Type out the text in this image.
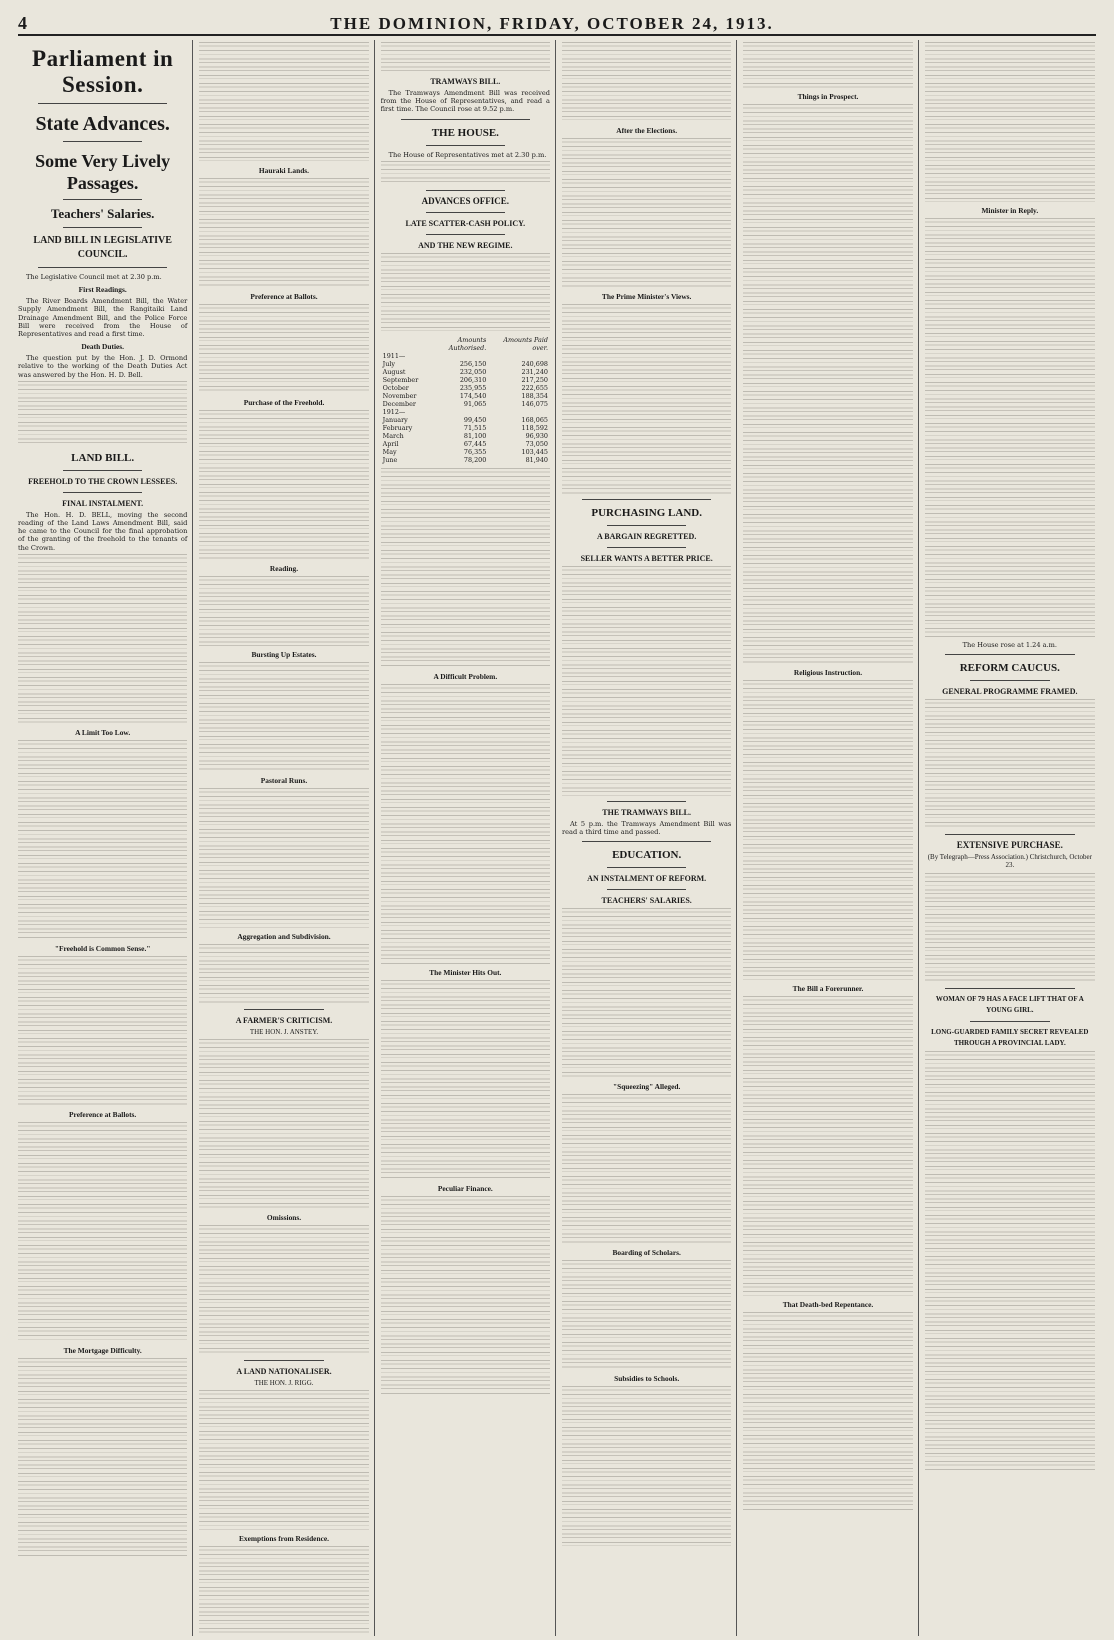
4	THE DOMINION, FRIDAY, OCTOBER 24, 1913.
Parliament in Session.
State Advances.
Some Very Lively Passages.
Teachers' Salaries.
LAND BILL IN LEGISLATIVE COUNCIL.

The Legislative Council met at 2.30 p.m.

First Readings.

The River Boards Amendment Bill, the Water Supply Amendment Bill, the Rangitaiki Land Drainage Amendment Bill, and the Police Force Bill were received from the House of Representatives and read a first time.

Death Duties.

The question put by the Hon. J. D. Ormond relative to the working of the Death Duties Act was answered by the Hon. H. D. Bell.

LAND BILL.
FREEHOLD TO THE CROWN LESSEES.
FINAL INSTALMENT.

The Hon. H. D. BELL, moving the second reading of the Land Laws Amendment Bill, said he came to the Council for the final approbation of the granting of the freehold to the tenants of the Crown.

A Limit Too Low.
"Freehold is Common Sense."
Preference at Ballots.
The Mortgage Difficulty.
Hauraki Lands.
Preference at Ballots.
Purchase of the Freehold.
Reading.
Bursting Up Estates.
Pastoral Runs.
Aggregation and Subdivision.
A FARMER'S CRITICISM.
THE HON. J. ANSTEY.
Omissions.
A LAND NATIONALISER.
THE HON. J. RIGG.
Exemptions from Residence.
TRAMWAYS BILL.

The Tramways Amendment Bill was received from the House of Representatives, and read a first time. The Council rose at 9.52 p.m.

THE HOUSE.

The House of Representatives met at 2.30 p.m.

ADVANCES OFFICE.
LATE SCATTER-CASH POLICY.
AND THE NEW REGIME.
	Amounts Authorised.	Amounts Paid over.
1911—		
July	256,150	240,698
August	232,050	231,240
September	206,310	217,250
October	235,955	222,655
November	174,540	188,354
December	91,065	146,075
1912—		
January	99,450	168,065
February	71,515	118,592
March	81,100	96,930
April	67,445	73,050
May	76,355	103,445
June	78,200	81,940
A Difficult Problem.
The Minister Hits Out.
Peculiar Finance.
After the Elections.
The Prime Minister's Views.
PURCHASING LAND.
A BARGAIN REGRETTED.
SELLER WANTS A BETTER PRICE.
THE TRAMWAYS BILL.

At 5 p.m. the Tramways Amendment Bill was read a third time and passed.

EDUCATION.
AN INSTALMENT OF REFORM.
TEACHERS' SALARIES.
"Squeezing" Alleged.
Boarding of Scholars.
Subsidies to Schools.
Things in Prospect.
Religious Instruction.
The Bill a Forerunner.
That Death-bed Repentance.
Minister in Reply.

The House rose at 1.24 a.m.

REFORM CAUCUS.
GENERAL PROGRAMME FRAMED.
EXTENSIVE PURCHASE.
(By Telegraph—Press Association.) Christchurch, October 23.
WOMAN OF 79 HAS A FACE LIFT THAT OF A YOUNG GIRL.
LONG-GUARDED FAMILY SECRET REVEALED THROUGH A PROVINCIAL LADY.
